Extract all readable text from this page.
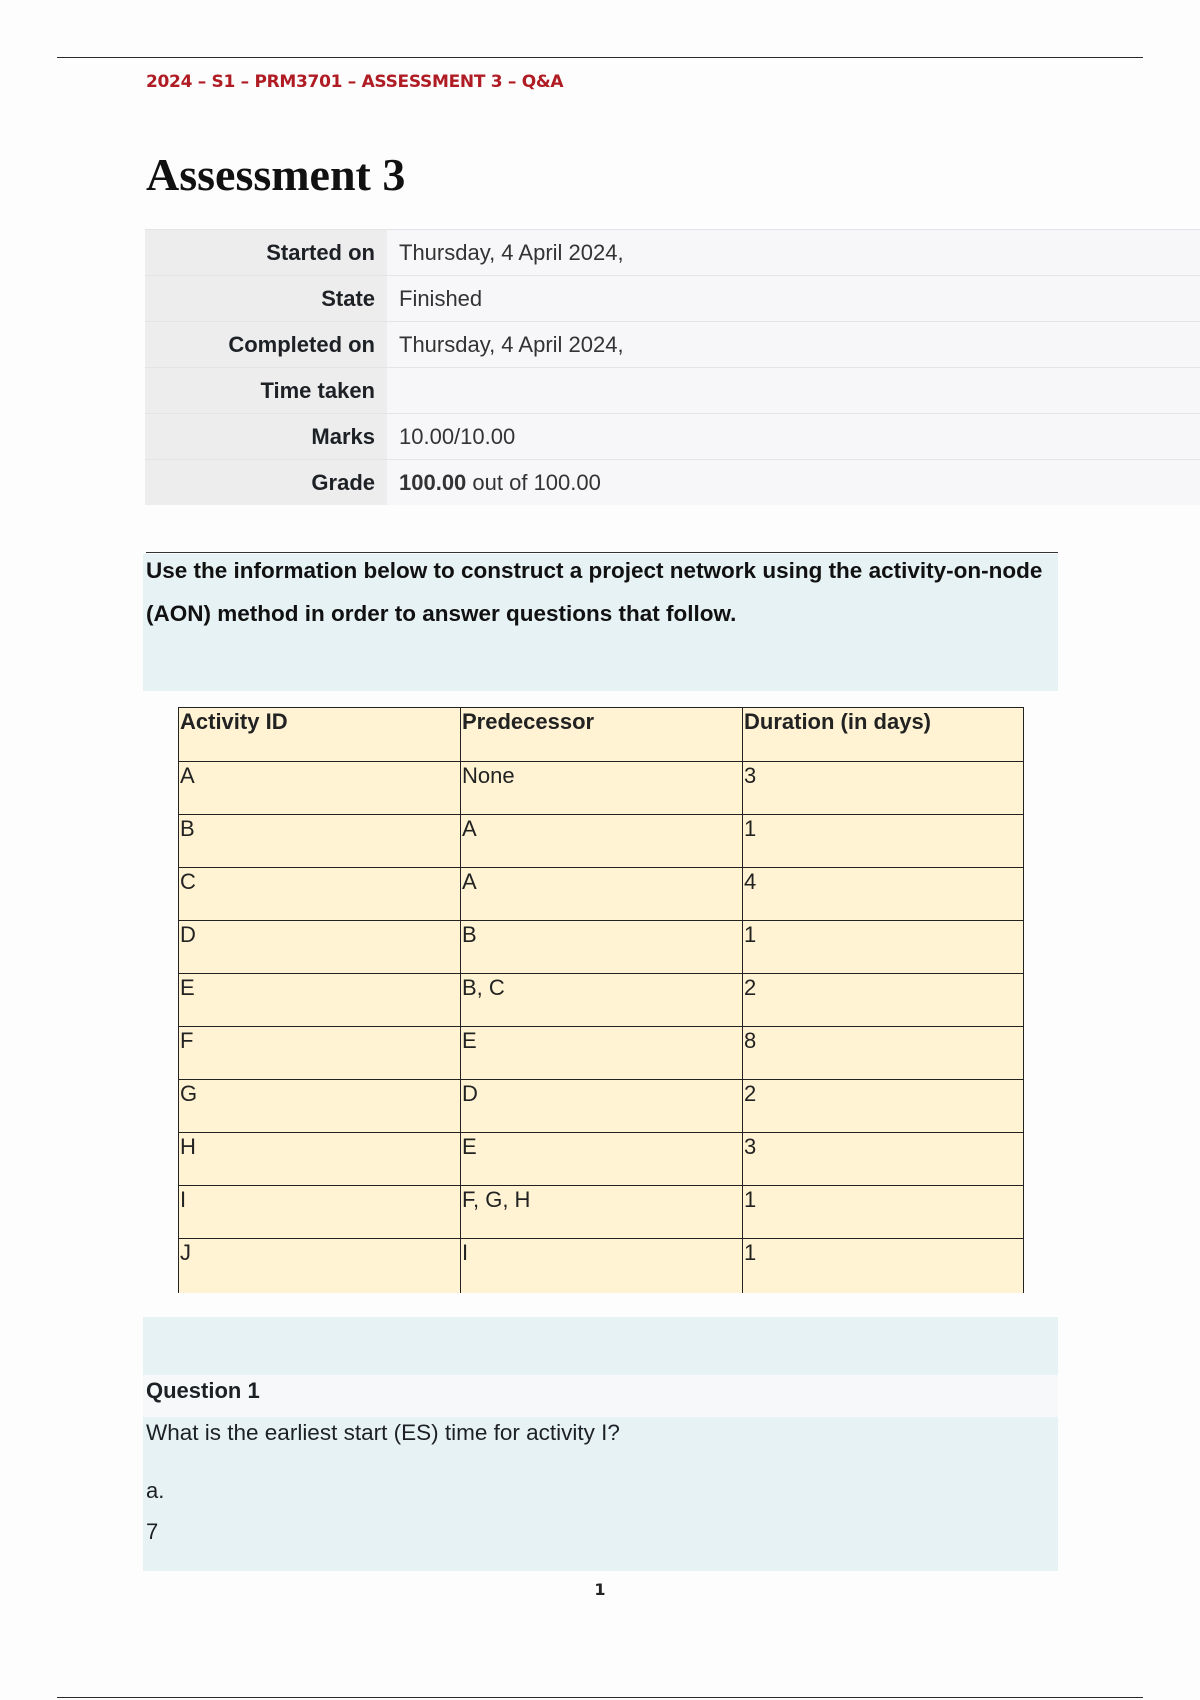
2024 – S1 – PRM3701 – ASSESSMENT 3 – Q&A
Assessment 3
Started on	Thursday, 4 April 2024,
State	Finished
Completed on	Thursday, 4 April 2024,
Time taken	
Marks	10.00/10.00
Grade	100.00 out of 100.00

Use the information below to construct a project network using the activity-on-node (AON) method in order to answer questions that follow.

Activity ID	Predecessor	Duration (in days)
A	None	3
B	A	1
C	A	4
D	B	1
E	B, C	2
F	E	8
G	D	2
H	E	3
I	F, G, H	1
J	I	1
Question 1
What is the earliest start (ES) time for activity I?
a.
7
1
